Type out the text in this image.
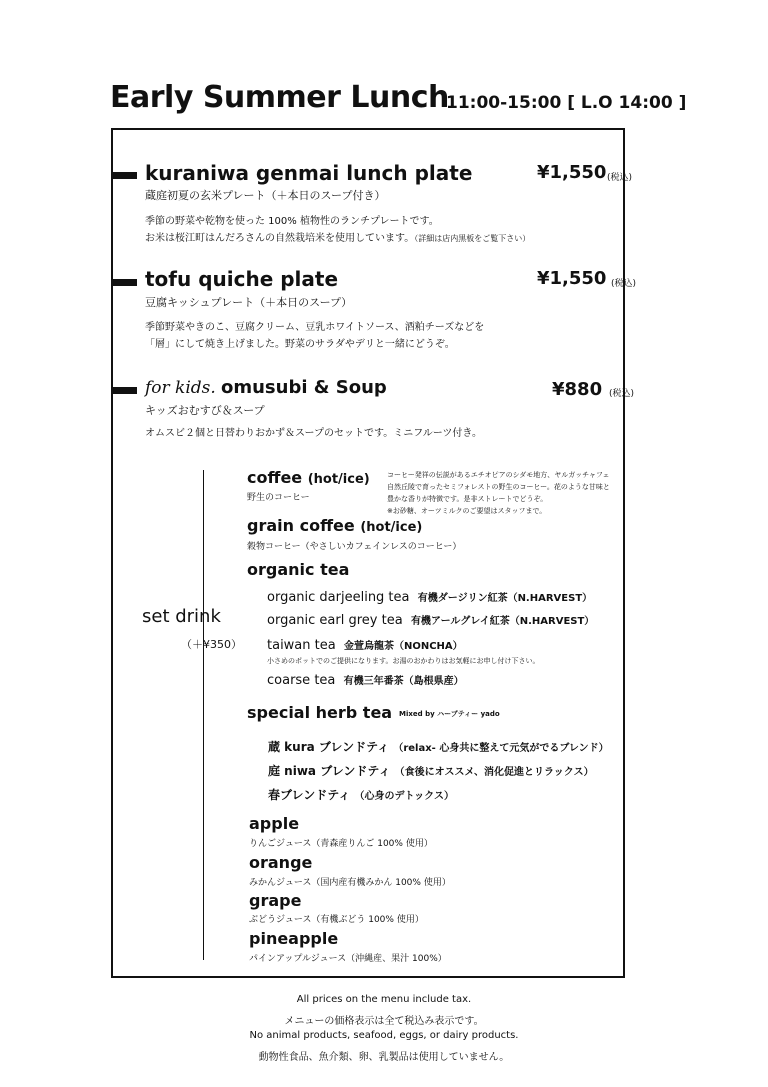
Early Summer Lunch
11:00-15:00 [ L.O 14:00 ]
kuraniwa genmai lunch plate	¥1,550 (税込)
蔵庭初夏の玄米プレート（＋本日のスープ付き）
季節の野菜や乾物を使った 100% 植物性のランチプレートです。
お米は桜江町はんだろさんの自然栽培米を使用しています。（詳細は店内黒板をご覧下さい）
tofu quiche plate	¥1,550 (税込)
豆腐キッシュプレート（＋本日のスープ）
季節野菜やきのこ、豆腐クリーム、豆乳ホワイトソース、酒粕チーズなどを
「層」にして焼き上げました。野菜のサラダやデリと一緒にどうぞ。
for kids. omusubi & Soup	¥880 (税込)
キッズおむすび＆スープ
オムスビ２個と日替わりおかず＆スープのセットです。ミニフルーツ付き。
set drink
（＋¥350）
coffee (hot/ice)
野生のコーヒー
コーヒー発祥の伝説があるエチオピアのシダモ地方、ヤルガッチャフェ
自然丘陵で育ったセミフォレストの野生のコーヒー。花のような甘味と
豊かな香りが特徴です。是非ストレートでどうぞ。
※お砂糖、オーツミルクのご要望はスタッフまで。
grain coffee (hot/ice)
穀物コーヒー（やさしいカフェインレスのコーヒー）
organic tea
organic darjeeling tea 有機ダージリン紅茶（N.HARVEST）
organic earl grey tea 有機アールグレイ紅茶（N.HARVEST）
taiwan tea 金萱烏龍茶（NONCHA）
小さめのポットでのご提供になります。お湯のおかわりはお気軽にお申し付け下さい。
coarse tea 有機三年番茶（島根県産）
special herb tea Mixed by ハーブティー yado
蔵 kura ブレンドティ （relax- 心身共に整えて元気がでるブレンド）
庭 niwa ブレンドティ （食後にオススメ、消化促進とリラックス）
春ブレンドティ （心身のデトックス）
apple
りんごジュース（青森産りんご 100% 使用）
orange
みかんジュース（国内産有機みかん 100% 使用）
grape
ぶどうジュース（有機ぶどう 100% 使用）
pineapple
パインアップルジュース（沖縄産、果汁 100%）
All prices on the menu include tax.
メニューの価格表示は全て税込み表示です。
No animal products, seafood, eggs, or dairy products.
動物性食品、魚介類、卵、乳製品は使用していません。
